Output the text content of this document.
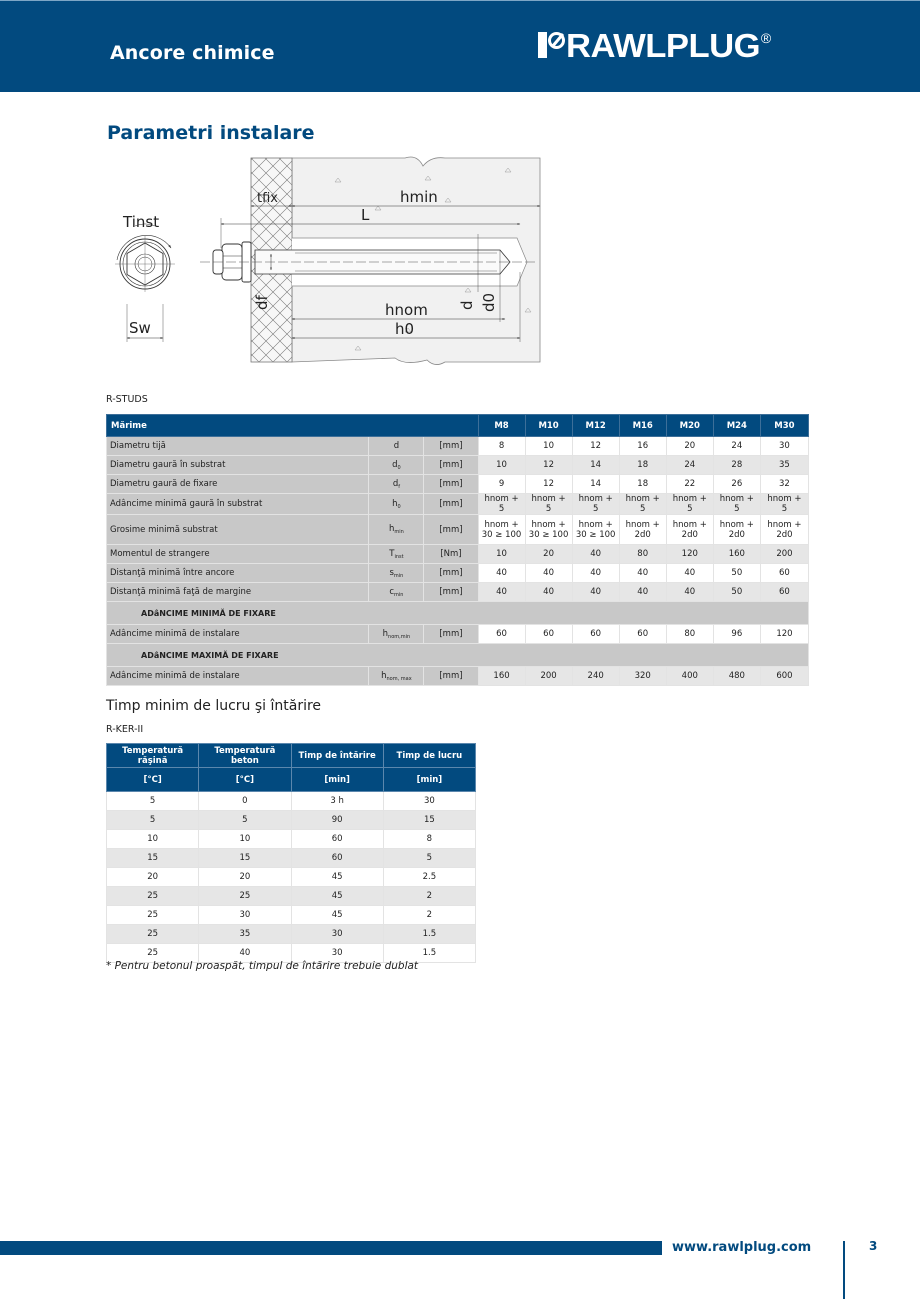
Ancore chimice	RAWLPLUG ®
Parametri instalare
Tinst
Sw
tfix	hmin
L
hnom
h0
df	d d0
R-STUDS
Mărime			M8	M10	M12	M16	M20	M24	M30
Diametru tijă	d	[mm]	8	10	12	16	20	24	30
Diametru gaură în substrat	$d_0$	[mm]	10	12	14	18	24	28	35
Diametru gaură de fixare	$d_f$	[mm]	9	12	14	18	22	26	32
Adâncime minimă gaură în substrat	$h_0$	[mm]	hnom + 5	hnom + 5	hnom + 5	hnom + 5	hnom + 5	hnom + 5	hnom + 5
Grosime minimă substrat	$h_{min}$	[mm]	hnom + 30 ≥ 100	hnom + 30 ≥ 100	hnom + 30 ≥ 100	hnom + 2d0	hnom + 2d0	hnom + 2d0	hnom + 2d0
Momentul de strangere	$T_{inst}$	[Nm]	10	20	40	80	120	160	200
Distanţă minimă între ancore	$s_{min}$	[mm]	40	40	40	40	40	50	60
Distanţă minimă faţă de margine	$c_{min}$	[mm]	40	40	40	40	40	50	60
ADâNCIME MINIMĂ DE FIXARE									
Adâncime minimă de instalare	$h_{nom,min}$	[mm]	60	60	60	60	80	96	120
ADâNCIME MAXIMĂ DE FIXARE									
Adâncime minimă de instalare	$h_{nom, max}$	[mm]	160	200	240	320	400	480	600
Timp minim de lucru şi întărire
R-KER-II
Temperatură răşină	Temperatură beton	Timp de întărire	Timp de lucru
[°C]	[°C]	[min]	[min]
5	0	3 h	30
5	5	90	15
10	10	60	8
15	15	60	5
20	20	45	2.5
25	25	45	2
25	30	45	2
25	35	30	1.5
25	40	30	1.5
* Pentru betonul proaspăt, timpul de întărire trebuie dublat
www.rawlplug.com	3
